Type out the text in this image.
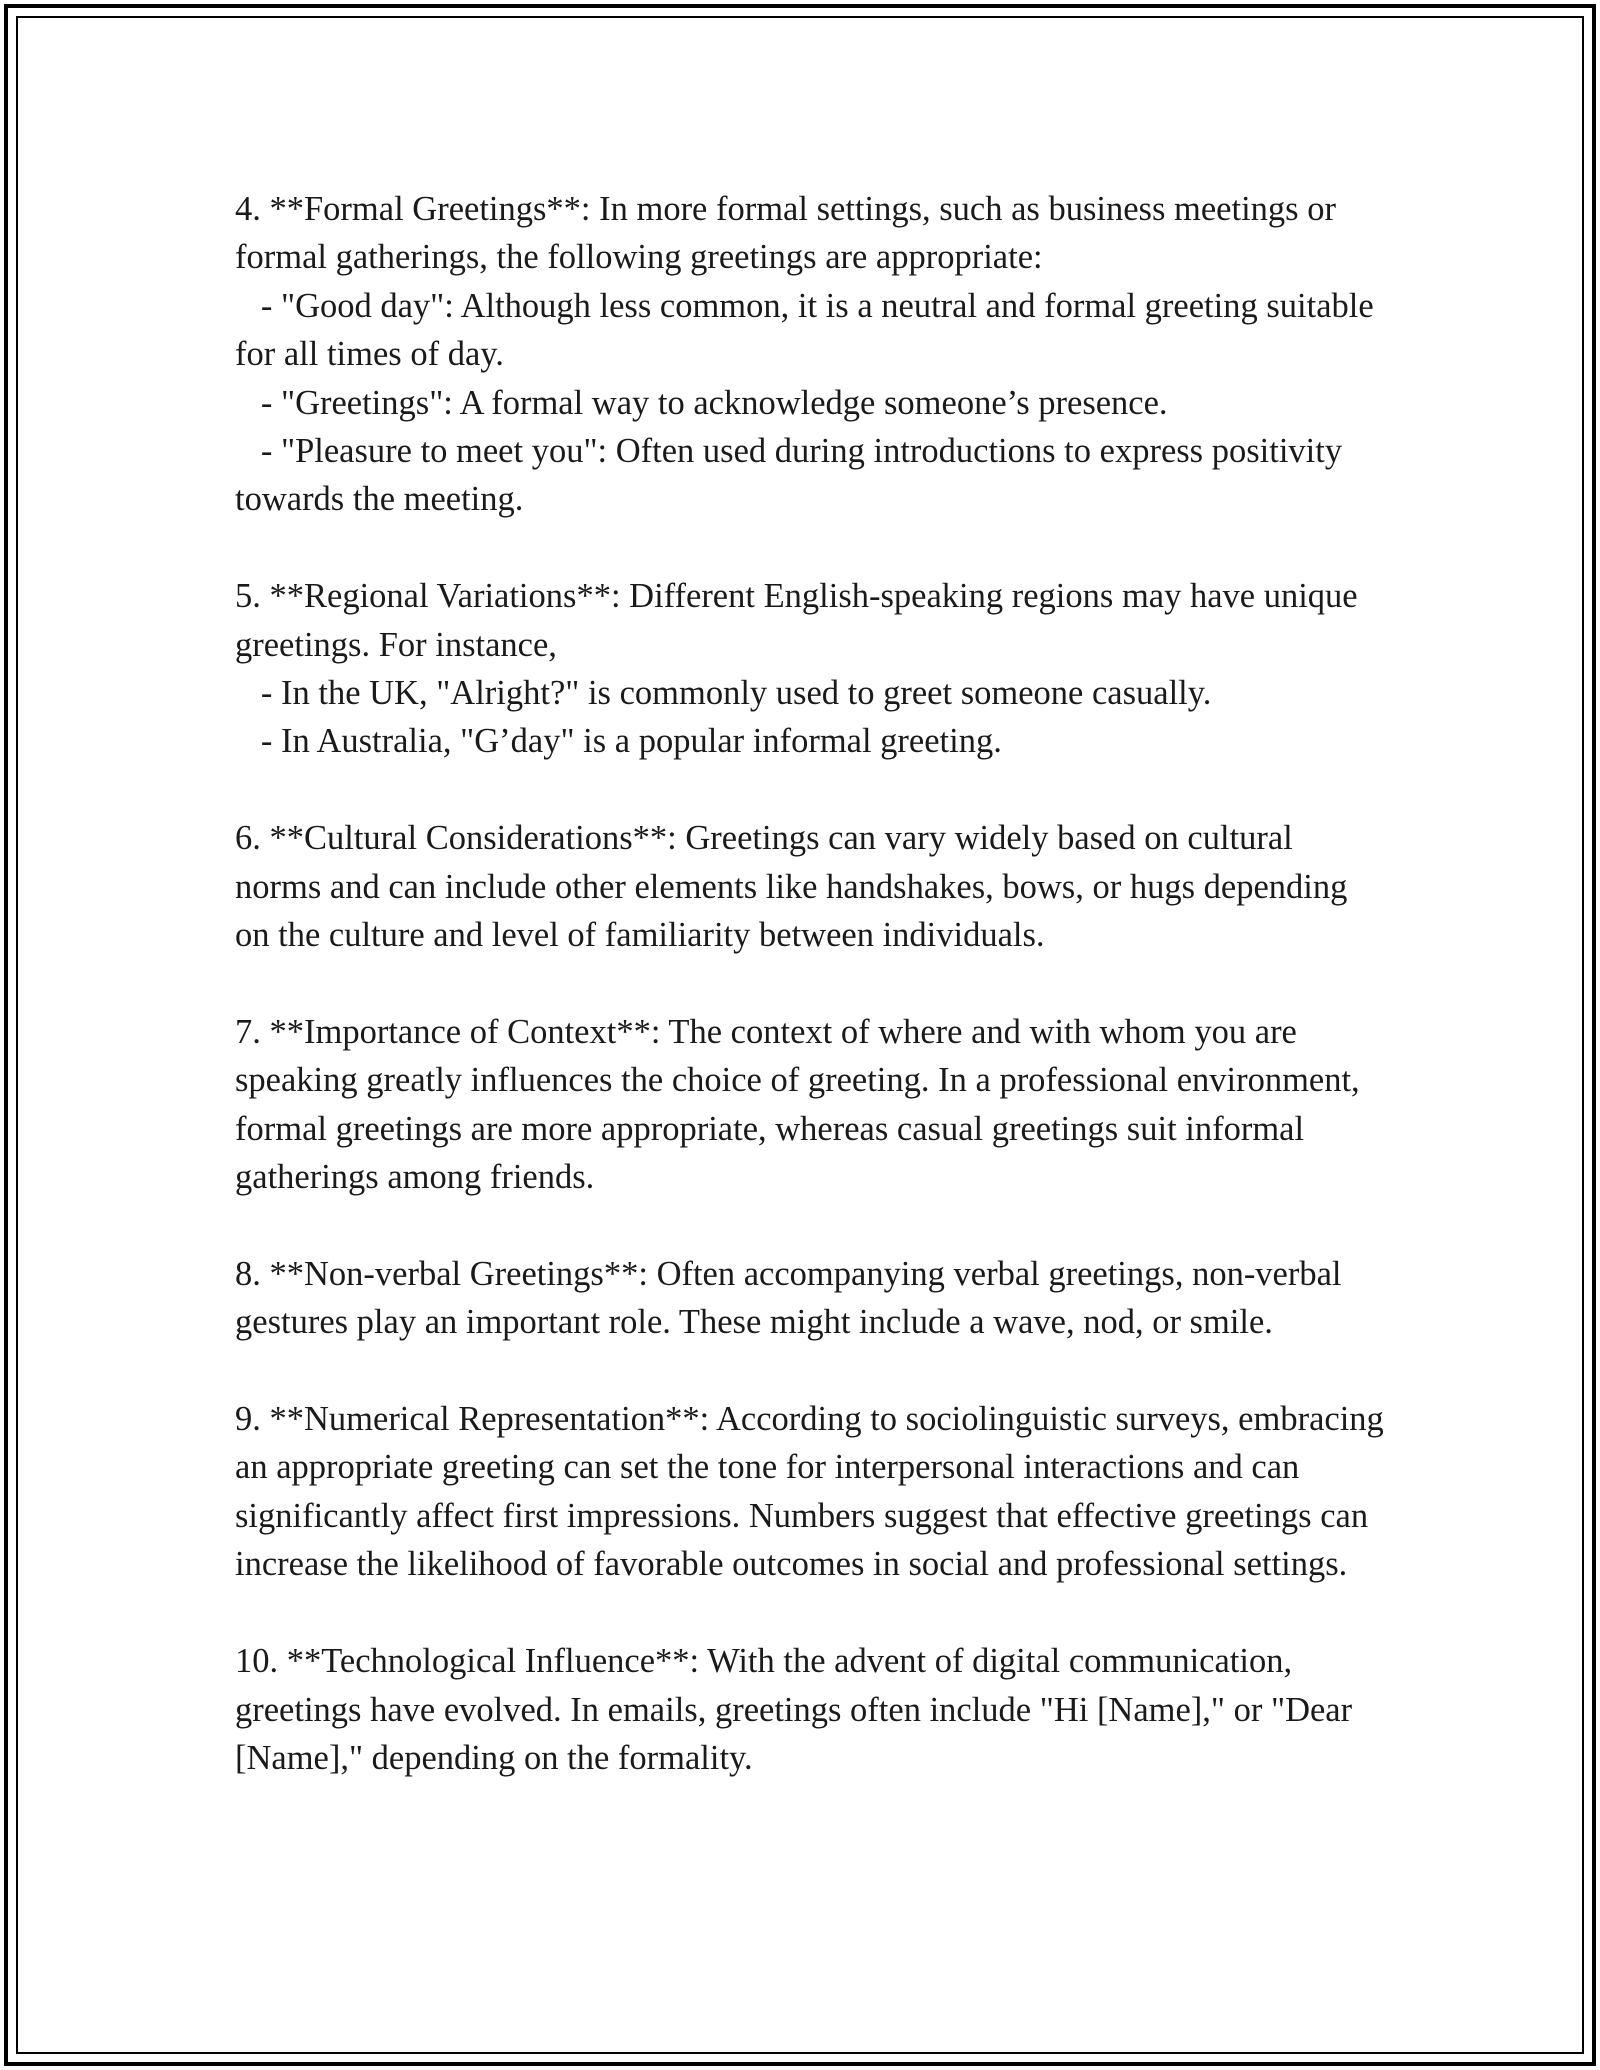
4. **Formal Greetings**: In more formal settings, such as business meetings or formal gatherings, the following greetings are appropriate:

- "Good day": Although less common, it is a neutral and formal greeting suitable for all times of day.

- "Greetings": A formal way to acknowledge someone’s presence.

- "Pleasure to meet you": Often used during introductions to express positivity towards the meeting.

5. **Regional Variations**: Different English-speaking regions may have unique greetings. For instance,

- In the UK, "Alright?" is commonly used to greet someone casually.

- In Australia, "G’day" is a popular informal greeting.

6. **Cultural Considerations**: Greetings can vary widely based on cultural norms and can include other elements like handshakes, bows, or hugs depending on the culture and level of familiarity between individuals.

7. **Importance of Context**: The context of where and with whom you are speaking greatly influences the choice of greeting. In a professional environment, formal greetings are more appropriate, whereas casual greetings suit informal gatherings among friends.

8. **Non-verbal Greetings**: Often accompanying verbal greetings, non-verbal gestures play an important role. These might include a wave, nod, or smile.

9. **Numerical Representation**: According to sociolinguistic surveys, embracing an appropriate greeting can set the tone for interpersonal interactions and can significantly affect first impressions. Numbers suggest that effective greetings can increase the likelihood of favorable outcomes in social and professional settings.

10. **Technological Influence**: With the advent of digital communication, greetings have evolved. In emails, greetings often include "Hi [Name]," or "Dear [Name]," depending on the formality.
